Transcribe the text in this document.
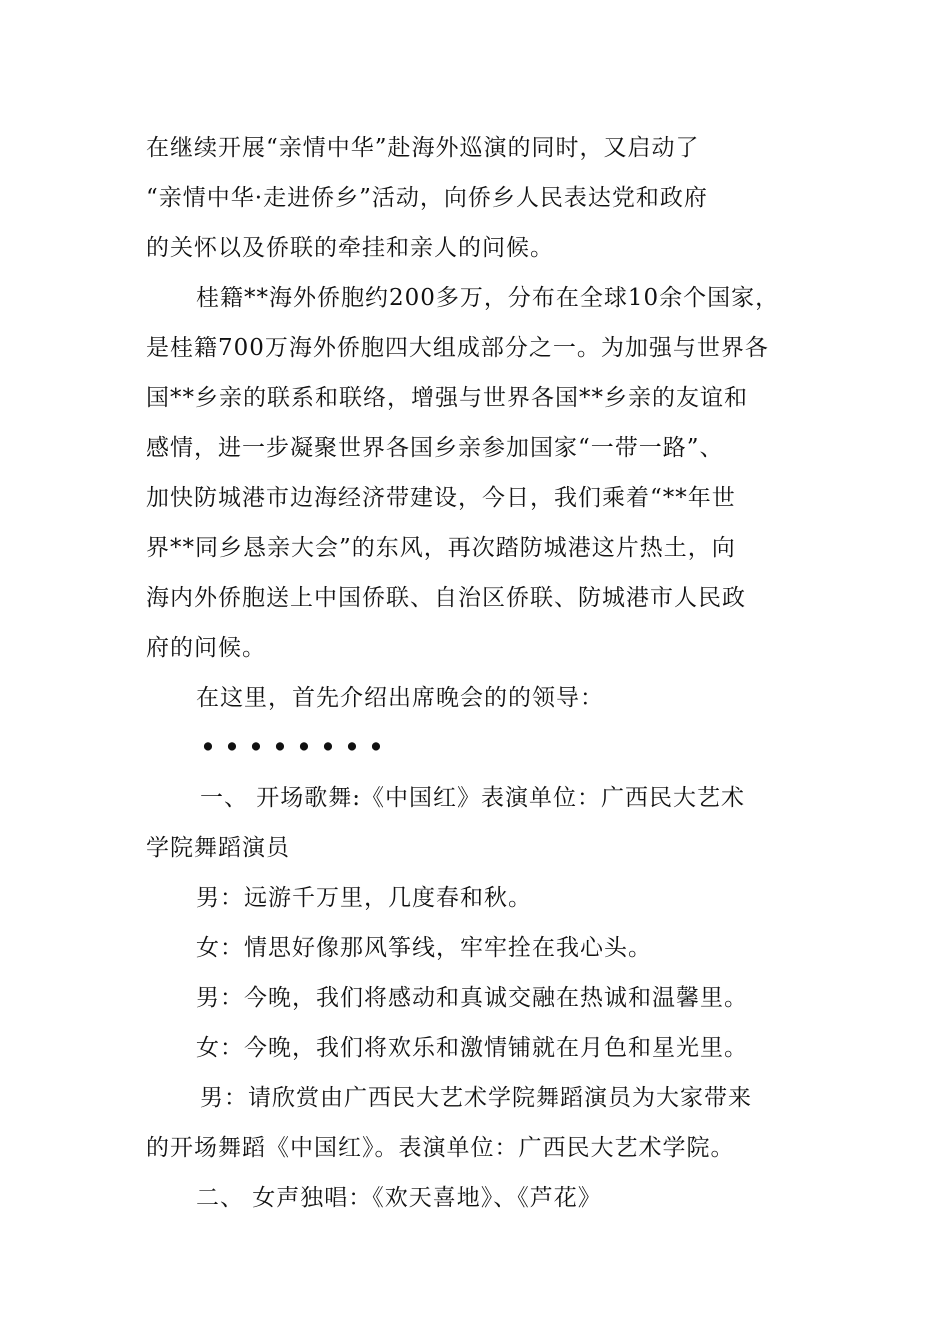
在继续开展“亲情中华”赴海外巡演的同时，又启动了
“亲情中华·走进侨乡”活动，向侨乡人民表达党和政府
的关怀以及侨联的牵挂和亲人的问候。
桂籍**海外侨胞约200多万，分布在全球10余个国家，
是桂籍700万海外侨胞四大组成部分之一。为加强与世界各
国**乡亲的联系和联络，增强与世界各国**乡亲的友谊和
感情，进一步凝聚世界各国乡亲参加国家“一带一路”、
加快防城港市边海经济带建设，今日，我们乘着“**年世
界**同乡恳亲大会”的东风，再次踏防城港这片热土，向
海内外侨胞送上中国侨联、自治区侨联、防城港市人民政
府的问候。
在这里，首先介绍出席晚会的的领导：
• • • • • • • •
一、 开场歌舞:《中国红》表演单位：广西民大艺术
学院舞蹈演员
男：远游千万里，几度春和秋。
女：情思好像那风筝线，牢牢拴在我心头。
男：今晚，我们将感动和真诚交融在热诚和温馨里。
女：今晚，我们将欢乐和激情铺就在月色和星光里。
男：请欣赏由广西民大艺术学院舞蹈演员为大家带来
的开场舞蹈《中国红》。表演单位：广西民大艺术学院。
二、 女声独唱：《欢天喜地》、《芦花》
